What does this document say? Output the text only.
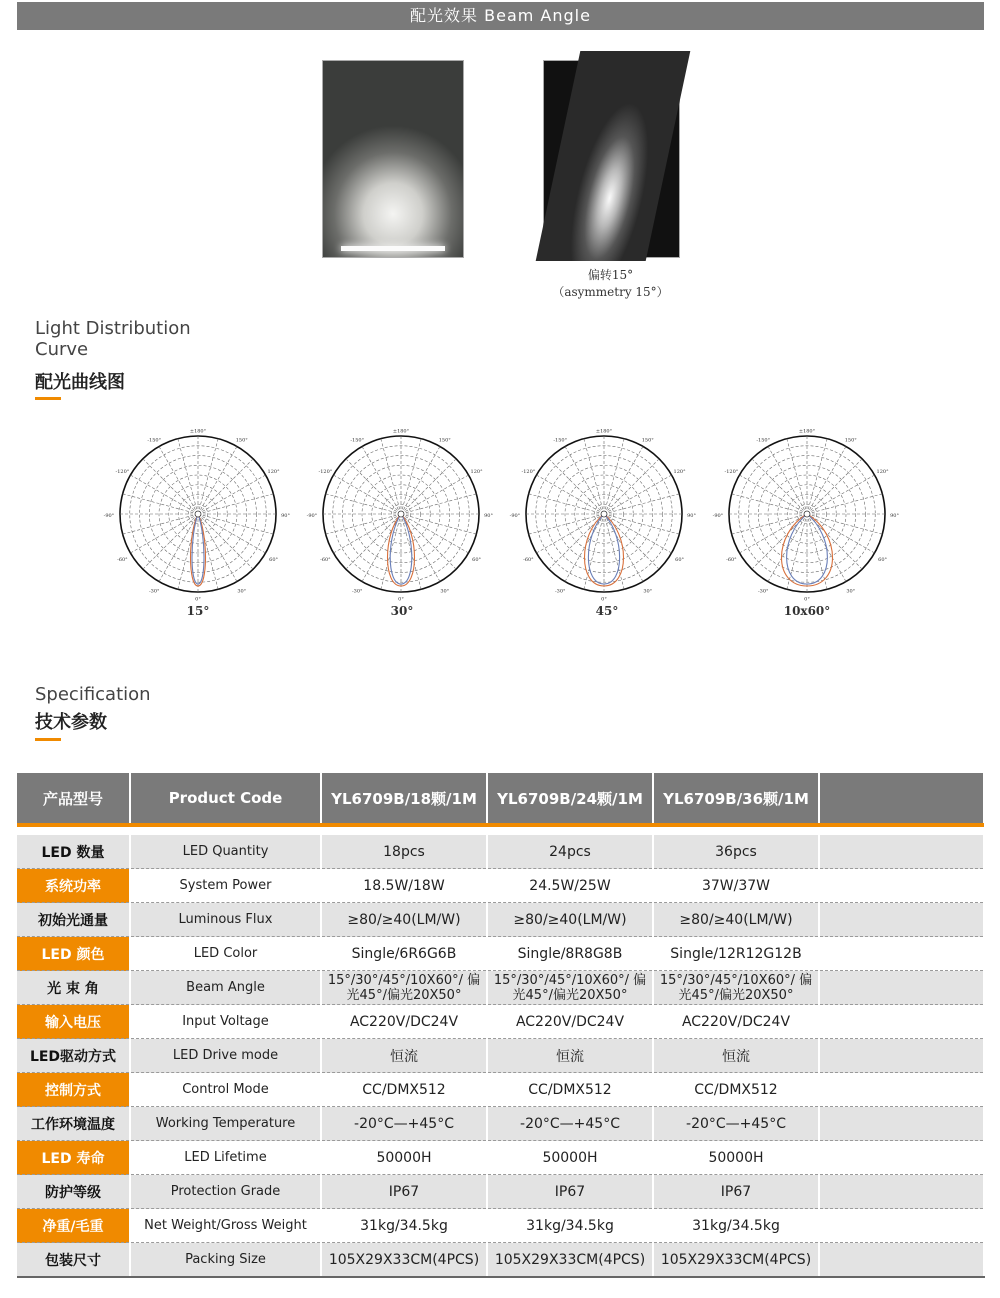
配光效果 Beam Angle
偏转15°
（asymmetry 15°）
Light Distribution Curve
配光曲线图
±180°
-150°	150°
-120°	120°
-90°	90°
-60°	60°
-30°	30°
0°
±180°
-150°	150°
-120°	120°
-90°	90°
-60°	60°
-30°	30°
0°
±180°
-150°	150°
-120°	120°
-90°	90°
-60°	60°
-30°	30°
0°
±180°
-150°	150°
-120°	120°
-90°	90°
-60°	60°
-30°	30°
0°
15°	30°	45°	10x60°
Specification
技术参数
产品型号	Product Code	YL6709B/18颗/1M	YL6709B/24颗/1M	YL6709B/36颗/1M	

LED 数量	LED Quantity	18pcs	24pcs	36pcs	
系统功率	System Power	18.5W/18W	24.5W/25W	37W/37W	
初始光通量	Luminous Flux	≥80/≥40(LM/W)	≥80/≥40(LM/W)	≥80/≥40(LM/W)	
LED 颜色	LED Color	Single/6R6G6B	Single/8R8G8B	Single/12R12G12B	
光 束 角	Beam Angle	15°/30°/45°/10X60°/ 偏光45°/偏光20X50°	15°/30°/45°/10X60°/ 偏光45°/偏光20X50°	15°/30°/45°/10X60°/ 偏光45°/偏光20X50°	
输入电压	Input Voltage	AC220V/DC24V	AC220V/DC24V	AC220V/DC24V	
LED驱动方式	LED Drive mode	恒流	恒流	恒流	
控制方式	Control Mode	CC/DMX512	CC/DMX512	CC/DMX512	
工作环境温度	Working Temperature	-20°C—+45°C	-20°C—+45°C	-20°C—+45°C	
LED 寿命	LED Lifetime	50000H	50000H	50000H	
防护等级	Protection Grade	IP67	IP67	IP67	
净重/毛重	Net Weight/Gross Weight	31kg/34.5kg	31kg/34.5kg	31kg/34.5kg	
包装尺寸	Packing Size	105X29X33CM(4PCS)	105X29X33CM(4PCS)	105X29X33CM(4PCS)	
